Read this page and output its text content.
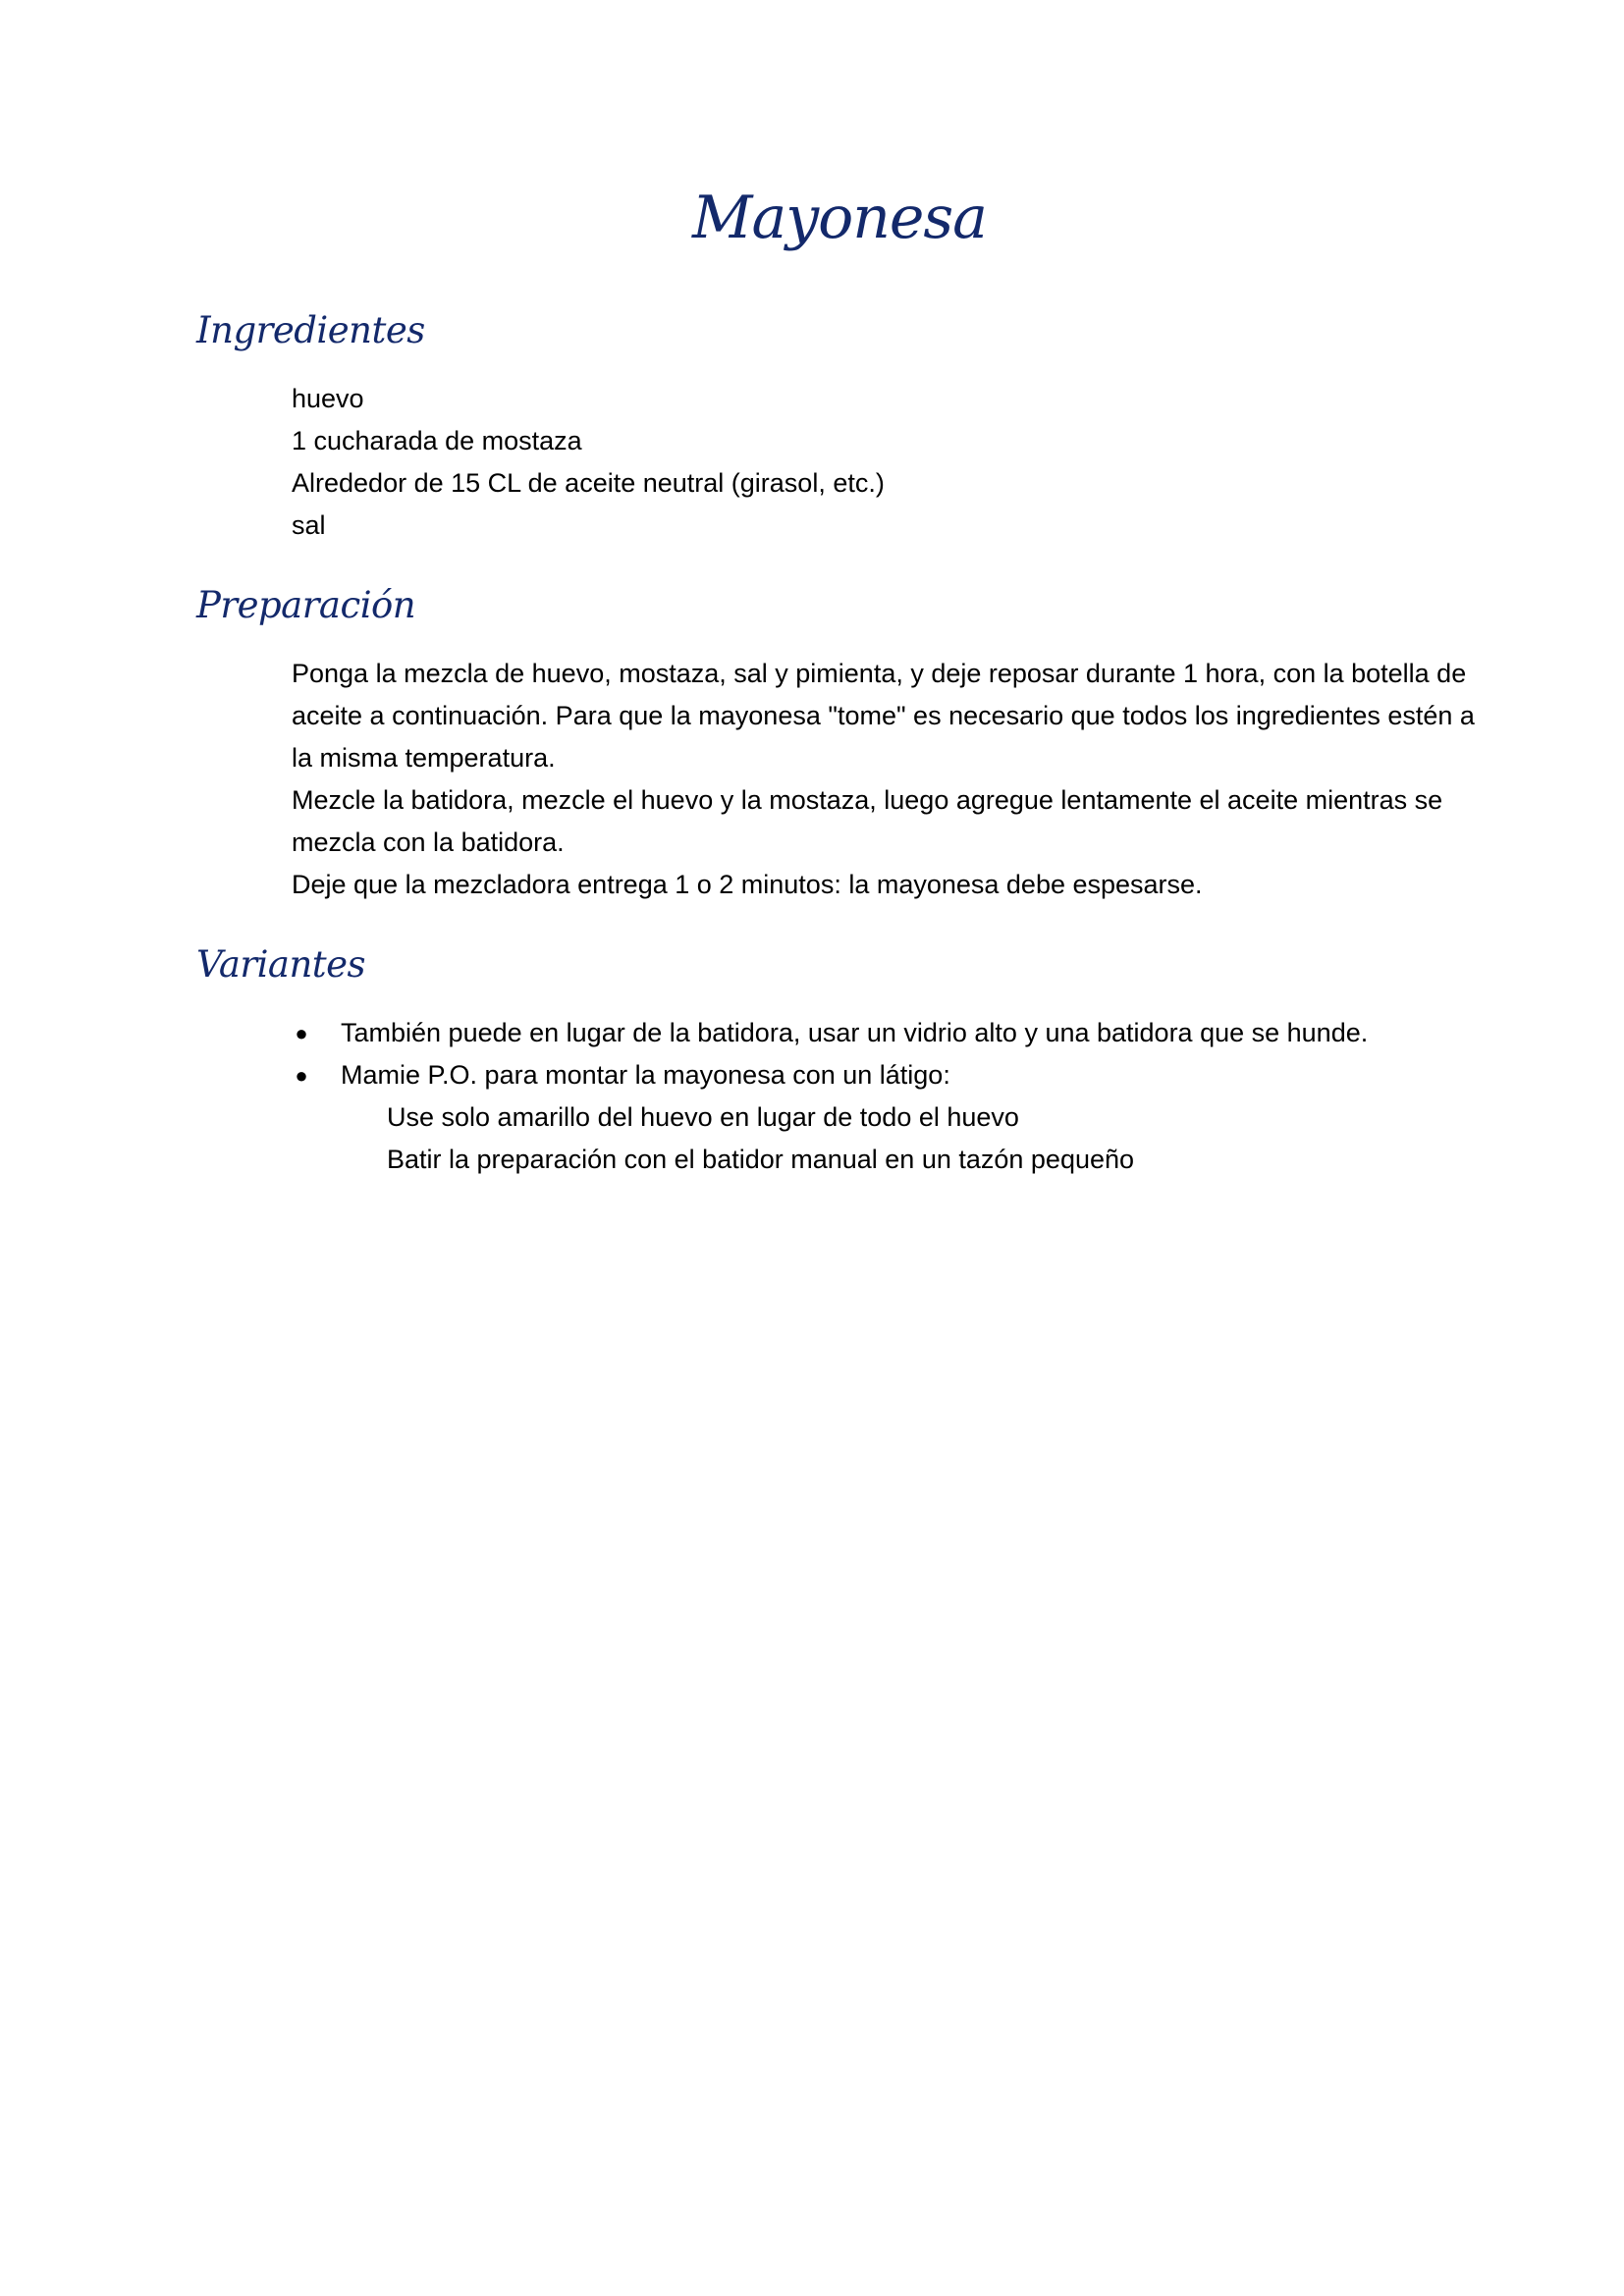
Mayonesa
Ingredientes
huevo
1 cucharada de mostaza
Alrededor de 15 CL de aceite neutral (girasol, etc.)
sal
Preparación

Ponga la mezcla de huevo, mostaza, sal y pimienta, y deje reposar durante 1 hora, con la botella de aceite a continuación. Para que la mayonesa "tome" es necesario que todos los ingredientes estén a la misma temperatura.

Mezcle la batidora, mezcle el huevo y la mostaza, luego agregue lentamente el aceite mientras se mezcla con la batidora.

Deje que la mezcladora entrega 1 o 2 minutos: la mayonesa debe espesarse.

Variantes
● También puede en lugar de la batidora, usar un vidrio alto y una batidora que se hunde.
● Mamie P.O. para montar la mayonesa con un látigo:
Use solo amarillo del huevo en lugar de todo el huevo
Batir la preparación con el batidor manual en un tazón pequeño
